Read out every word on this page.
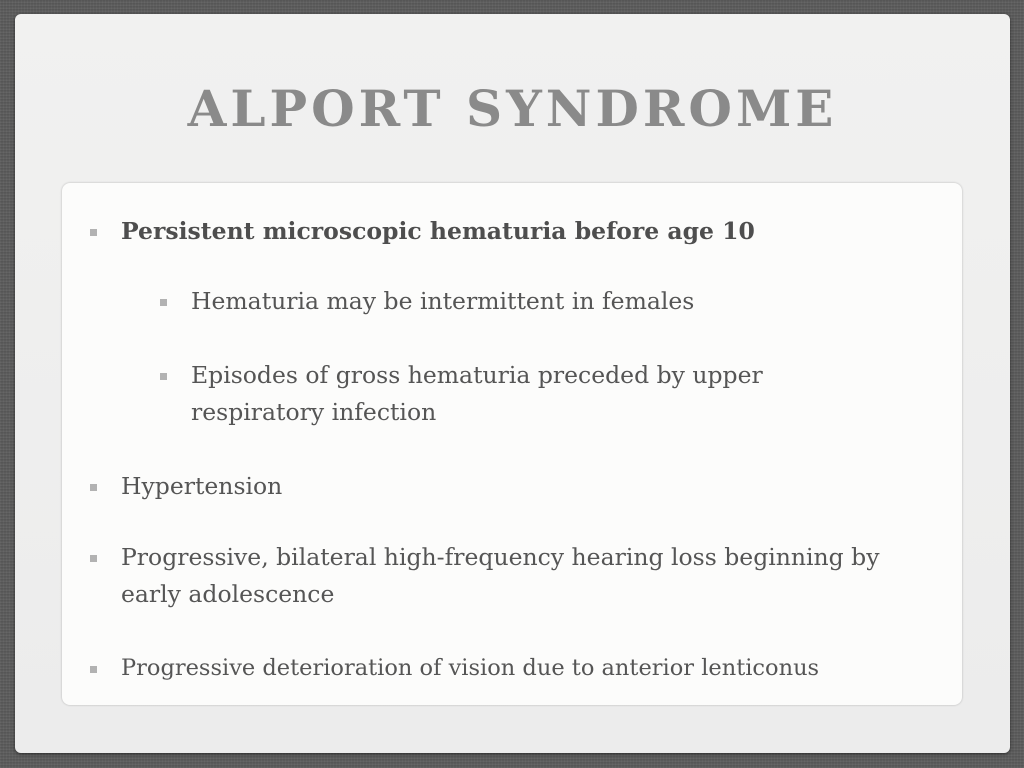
ALPORT SYNDROME
Persistent microscopic hematuria before age 10
Hematuria may be intermittent in females
Episodes of gross hematuria preceded by upper respiratory infection
Hypertension
Progressive, bilateral high-frequency hearing loss beginning by early adolescence
Progressive deterioration of vision due to anterior lenticonus
